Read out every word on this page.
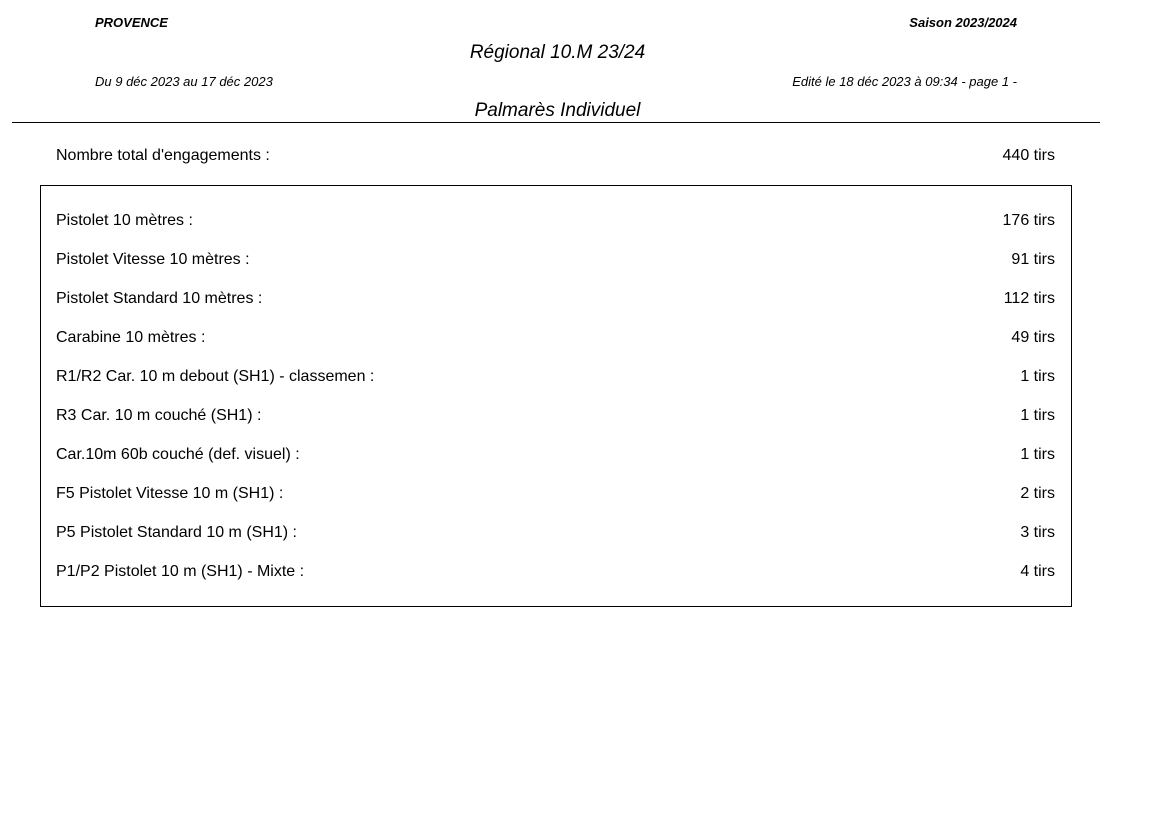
PROVENCE	Saison 2023/2024
Régional 10.M 23/24
Du 9 déc 2023 au 17 déc 2023	Edité le 18 déc 2023 à 09:34 - page 1 -
Palmarès Individuel
Nombre total d'engagements :	440 tirs
Pistolet 10 mètres :	176 tirs
Pistolet Vitesse 10 mètres :	91 tirs
Pistolet Standard 10 mètres :	112 tirs
Carabine 10 mètres :	49 tirs
R1/R2 Car. 10 m debout (SH1) - classemen :	1 tirs
R3 Car. 10 m couché (SH1) :	1 tirs
Car.10m 60b couché (def. visuel) :	1 tirs
F5 Pistolet Vitesse 10 m (SH1) :	2 tirs
P5 Pistolet Standard 10 m (SH1) :	3 tirs
P1/P2 Pistolet 10 m (SH1) - Mixte :	4 tirs
